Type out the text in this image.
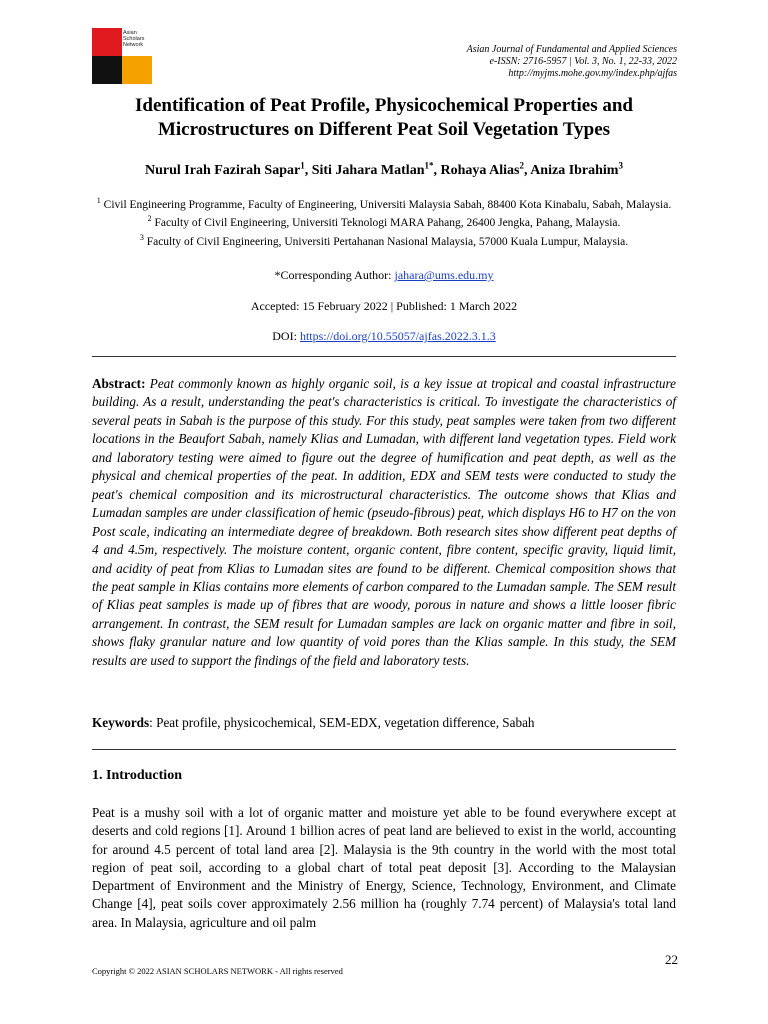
Asian
Scholars
Network	Asian Journal of Fundamental and Applied Sciences
e-ISSN: 2716-5957 | Vol. 3, No. 1, 22-33, 2022
http://myjms.mohe.gov.my/index.php/ajfas
Identification of Peat Profile, Physicochemical Properties and
Microstructures on Different Peat Soil Vegetation Types
Nurul Irah Fazirah Sapar$^1$, Siti Jahara Matlan$^{1*}$, Rohaya Alias$^2$, Aniza Ibrahim$^3$
$^1$ Civil Engineering Programme, Faculty of Engineering, Universiti Malaysia Sabah, 88400 Kota Kinabalu, Sabah, Malaysia.
$^2$ Faculty of Civil Engineering, Universiti Teknologi MARA Pahang, 26400 Jengka, Pahang, Malaysia.
$^3$ Faculty of Civil Engineering, Universiti Pertahanan Nasional Malaysia, 57000 Kuala Lumpur, Malaysia.
*Corresponding Author: jahara@ums.edu.my
Accepted: 15 February 2022 | Published: 1 March 2022
DOI: https://doi.org/10.55057/ajfas.2022.3.1.3

Abstract: Peat commonly known as highly organic soil, is a key issue at tropical and coastal infrastructure building. As a result, understanding the peat's characteristics is critical. To investigate the characteristics of several peats in Sabah is the purpose of this study. For this study, peat samples were taken from two different locations in the Beaufort Sabah, namely Klias and Lumadan, with different land vegetation types. Field work and laboratory testing were aimed to figure out the degree of humification and peat depth, as well as the physical and chemical properties of the peat. In addition, EDX and SEM tests were conducted to study the peat's chemical composition and its microstructural characteristics. The outcome shows that Klias and Lumadan samples are under classification of hemic (pseudo-fibrous) peat, which displays H6 to H7 on the von Post scale, indicating an intermediate degree of breakdown. Both research sites show different peat depths of 4 and 4.5m, respectively. The moisture content, organic content, fibre content, specific gravity, liquid limit, and acidity of peat from Klias to Lumadan sites are found to be different. Chemical composition shows that the peat sample in Klias contains more elements of carbon compared to the Lumadan sample. The SEM result of Klias peat samples is made up of fibres that are woody, porous in nature and shows a little looser fibric arrangement. In contrast, the SEM result for Lumadan samples are lack on organic matter and fibre in soil, shows flaky granular nature and low quantity of void pores than the Klias sample. In this study, the SEM results are used to support the findings of the field and laboratory tests.

Keywords: Peat profile, physicochemical, SEM-EDX, vegetation difference, Sabah
1. Introduction

Peat is a mushy soil with a lot of organic matter and moisture yet able to be found everywhere except at deserts and cold regions [1]. Around 1 billion acres of peat land are believed to exist in the world, accounting for around 4.5 percent of total land area [2]. Malaysia is the 9th country in the world with the most total region of peat soil, according to a global chart of total peat deposit [3]. According to the Malaysian Department of Environment and the Ministry of Energy, Science, Technology, Environment, and Climate Change [4], peat soils cover approximately 2.56 million ha (roughly 7.74 percent) of Malaysia's total land area. In Malaysia, agriculture and oil palm

22
Copyright © 2022 ASIAN SCHOLARS NETWORK - All rights reserved
